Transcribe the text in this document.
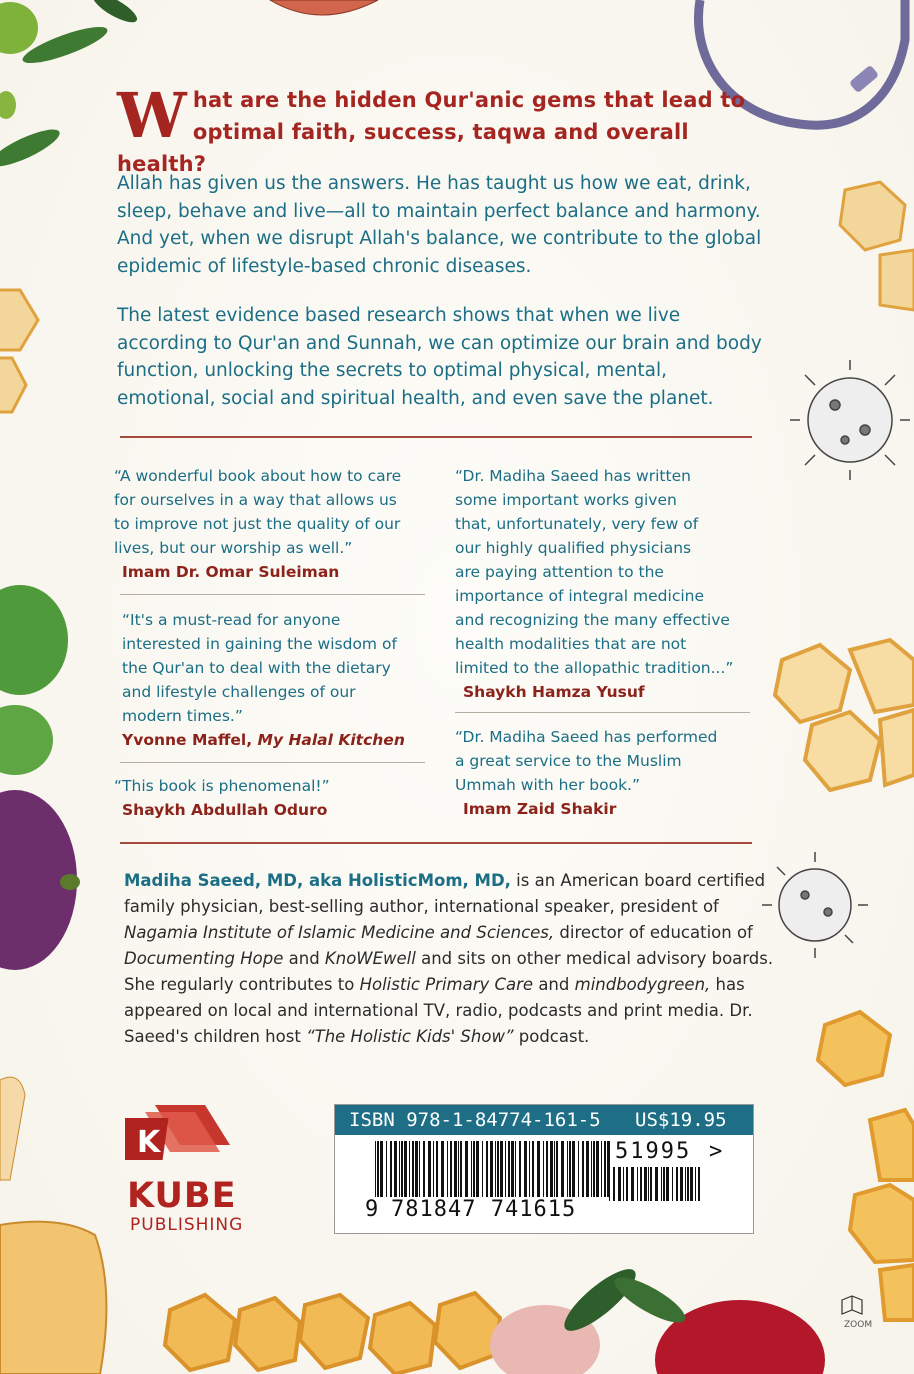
W hat are the hidden Qur'anic gems that lead to
optimal faith, success, taqwa and overall health?

Allah has given us the answers. He has taught us how we eat, drink, sleep, behave and live—all to maintain perfect balance and harmony. And yet, when we disrupt Allah's balance, we contribute to the global epidemic of lifestyle-based chronic diseases.

The latest evidence based research shows that when we live according to Qur'an and Sunnah, we can optimize our brain and body function, unlocking the secrets to optimal physical, mental, emotional, social and spiritual health, and even save the planet.

“A wonderful book about how to care
for ourselves in a way that allows us
to improve not just the quality of our
lives, but our worship as well.”
Imam Dr. Omar Suleiman
“It's a must-read for anyone
interested in gaining the wisdom of
the Qur'an to deal with the dietary
and lifestyle challenges of our
modern times.”
Yvonne Maffel, My Halal Kitchen
“This book is phenomenal!”
Shaykh Abdullah Oduro
“Dr. Madiha Saeed has written
some important works given
that, unfortunately, very few of
our highly qualified physicians
are paying attention to the
importance of integral medicine
and recognizing the many effective
health modalities that are not
limited to the allopathic tradition...”
Shaykh Hamza Yusuf
“Dr. Madiha Saeed has performed
a great service to the Muslim
Ummah with her book.”
Imam Zaid Shakir
Madiha Saeed, MD, aka HolisticMom, MD, is an American board certified family physician, best-selling author, international speaker, president of Nagamia Institute of Islamic Medicine and Sciences, director of education of Documenting Hope and KnoWEwell and sits on other medical advisory boards. She regularly contributes to Holistic Primary Care and mindbodygreen, has appeared on local and international TV, radio, podcasts and print media. Dr. Saeed's children host “The Holistic Kids' Show” podcast.
K
KUBE
PUBLISHING
ISBN 978-1-84774-161-5 US$19.95
9 781847 741615
51995 >
ZOOM
